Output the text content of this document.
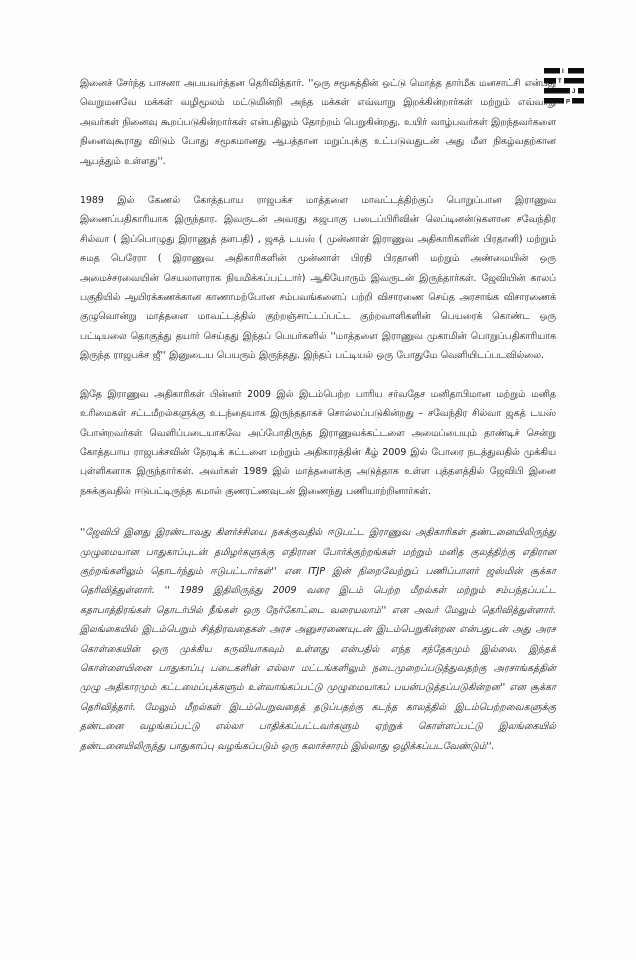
I
T
J
P

இனைச் சேர்ந்த பாசனா அபயவர்த்தன தெரிவித்தார். ''ஒரு சமூகத்தின் ஒட்டு மொத்த தார்மீக மனசாட்சி என்பது வெறுமனவே மக்கள் வழிமூலம் மட்டுமின்றி அந்த மக்கள் எவ்வாறு இறக்கின்றார்கள் மற்றும் எவ்வாறு அவர்கள் நினைவு கூறப்படுகின்றார்கள் என்பதிலும் தோற்றம் பெறுகின்றது. உயிர் வாழ்பவர்கள் இறந்தவர்களை நினைவுகூராது விடும் போது சமூகமானது ஆபத்தான மறுப்புக்கு உட்படுவதுடன் அது மீள நிகழ்வதற்கான ஆபத்தும் உள்ளது''.

1989 இல் கேணல் கோத்தபாய ராஜபக்ச மாத்தளை மாவட்டத்திற்குப் பொறுப்பான இராணுவ இணைப்பதிகாரியாக இருந்தார. இவருடன் அவரது கஜபாகு படைப்பிரிவின் லெப்டினன்டுகளான சவேந்திர சில்வா ( இப்பொழுது இராணுத் தளபதி) , ஜகத் டயஸ் ( முன்னாள் இராணுவ அதிகாரிகளின் பிரதானி) மற்றும் சுமத பெரேரா ( இராணுவ அதிகாரிகளின் முன்னாள் பிரதி பிரதானி மற்றும் அண்மையின் ஒரு அமைச்சரவையின் செயலாளராக நியமிக்கப்பட்டார்) ஆகியோரும் இவருடன் இருந்தார்கள். ஜேவியின் காலப் பகுதியில் ஆயிரக்கணக்கான காணாமற்போன சம்பவங்களைப் பற்றி விசாரணை செய்த அரசாங்க விசாரணைக் குழுவொன்று மாத்தளை மாவட்டத்தில் குற்றஞ்சாட்டப்பட்ட குற்றவாளிகளின் பெயரைக் கொண்ட ஒரு பட்டியலை தொகுத்து தயார் செய்தது இந்தப் பெயர்களில் ''மாத்தளை இராணுவ முகாமின் பொறுப்பதிகாரியாக இருந்த ராஜபக்ச ஜீ'' இனுடைய பெயரும் இருந்தது. இந்தப் பட்டியல் ஒரு போதுமே வெளியிடப்படவில்லை.

இதே இராணுவ அதிகாரிகள் பின்னர் 2009 இல் இடம்பெற்ற பாரிய சர்வதேச மனிதாபிமான மற்றும் மனித உரிமைகள் சட்டமீறல்களுக்கு உடந்தையாக இருந்ததாகச் சொல்லப்படுகின்றது – சவேந்திர சில்வா ஜகத் டயஸ் போன்றவர்கள் வெளிப்படையாகவே அப்போதிருந்த இராணுவக்கட்டளை அமைப்பையும் தாண்டிச் சென்று கோத்தபாய ராஜபக்சவின் நேரடிக் கட்டளை மற்றும் அதிகாரத்தின் கீழ் 2009 இல் போரை நடத்துவதில் முக்கிய புள்ளிகளாக இருந்தார்கள். அவர்கள் 1989 இல் மாத்தளைக்கு அடுத்தாக உள்ள புத்தளத்தில் ஜேவிபி இனை நசுக்குவதில் ஈடுபட்டிருந்த கமால் குணரட்ணவுடன் இணைந்து பணியாற்றினார்கள்.

''ஜேவிபி இனது இரண்டாவது கிளர்ச்சியை நசுக்குவதில் ஈடுபட்ட இராணுவ அதிகாரிகள் தண்டனையிலிருந்து முழுமையான பாதுகாப்புடன் தமிழர்களுக்கு எதிரான போர்க்குற்றங்கள் மற்றும் மனித குலத்திற்கு எதிரான குற்றங்களிலும் தொடர்ந்தும் ஈடுபட்டார்கள்'' என ITJP இன் நிறைவேற்றுப் பணிப்பாளர் ஜஸ்மின் சூக்கா தெரிவித்துள்ளார். '' 1989 இதிலிருந்து 2009 வரை இடம் பெற்ற மீறல்கள் மற்றும் சம்பந்தப்பட்ட கதாபாத்திரங்கள் தொடர்பில் நீங்கள் ஒரு நேர்கோட்டை வரையலாம்'' என அவர் மேலும் தெரிவித்துள்ளார். இலங்கையில் இடம்பெறும் சித்திரவதைகள் அரச அனுசரணையுடன் இடம்பெறுகின்றன என்பதுடன் அது அரச கொள்கையின் ஒரு முக்கிய கருவியாகவும் உள்ளது என்பதில் எந்த சந்தேகமும் இல்லை. இந்தக் கொள்ளையினை பாதுகாப்பு படைகளின் எல்லா மட்டங்களிலும் நடைமுறைப்படுத்துவதற்கு அரசாங்கத்தின் முழு அதிகாரமும் கட்டமைப்புக்களும் உள்வாங்கப்பட்டு முழுமையாகப் பயன்படுத்தப்படுகின்றன'' என சூக்கா தெரிவித்தார். மேலும் மீறல்கள் இடம்பெறுவதைத் தடுப்பதற்கு கடந்த காலத்தில் இடம்பெற்றவைகளுக்கு தண்டனை வழங்கப்பட்டு எல்லா பாதிக்கப்பட்டவர்களும் ஏற்றுக் கொள்ளப்பட்டு இலங்கையில் தண்டனையிலிருந்து பாதுகாப்பு வழங்கப்படும் ஒரு கலாச்சாரம் இல்லாது ஒழிக்கப்படவேண்டும்''.
